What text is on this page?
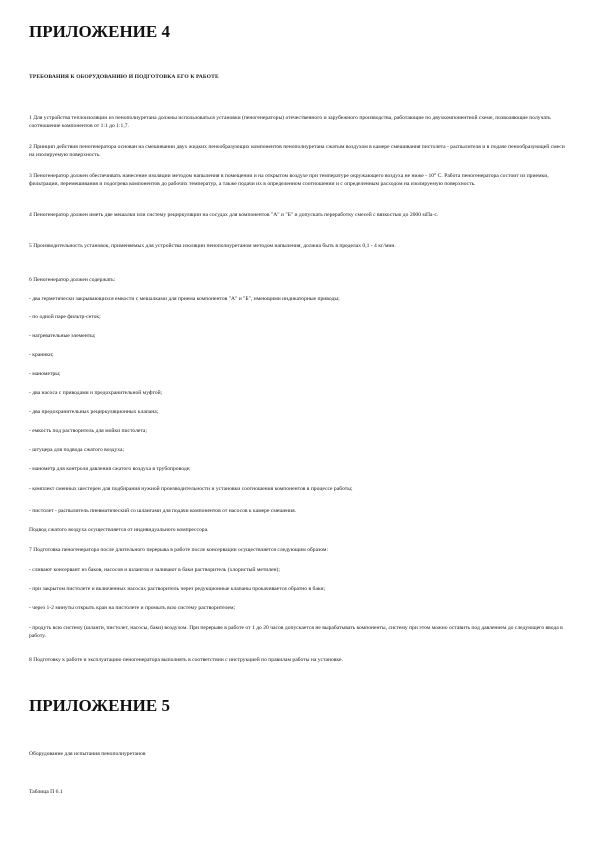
ПРИЛОЖЕНИЕ 4
ТРЕБОВАНИЯ К ОБОРУДОВАНИЮ И ПОДГОТОВКА ЕГО К РАБОТЕ
1 Для устройства теплоизоляции из пенополиуретана должны использоваться установки (пеногенераторы) отечественного и зарубежного производства, работающие по двухкомпонентной схеме, позволяющие получать соотношение компонентов от 1:1 до 1:1,7.
2 Принцип действия пеногенератора основан на смешивании двух жидких пенообразующих компонентов пенополиуретана сжатым воздухом в камере смешивания пистолета - распылителя и в подаче пенообразующей смеси на изолируемую поверхность.
3 Пеногенератор должен обеспечивать нанесение изоляции методом напыления в помещении и на открытом воздухе при температуре окружающего воздуха не ниже - 10° С. Работа пеногенератора состоит из приемки, фильтрации, перемешивания и подогрева компонентов до рабочих температур, а также подачи их в определенном соотношении и с определенным расходом на изолируемую поверхность.
4 Пеногенератор должен иметь две мешалки или систему рециркуляции на сосудах для компонентов "А" и "Б" и допускать переработку смесей с вязкостью до 2000 мПа·с.
5 Производительность установок, применяемых для устройства изоляции пенополиуретаном методом напыления, должна быть в пределах 0,1 - 4 кг/мин.
6 Пеногенератор должен содержать:
- два герметически закрывающихся емкости с мешалками для приема компонентов "А" и "Б", имеющими индикаторные приводы;
- по одной паре фильтр-сеток;
- нагревательные элементы;
- краники;
- манометры;
- два насоса с приводами и предохранительной муфтой;
- два предохранительных рециркуляционных клапана;
- емкость под растворитель для мойки пистолета;
- штуцера для подвода сжатого воздуха;
- манометр для контроля давления сжатого воздуха в трубопроводе;
- комплект сменных шестерен для подбирания нужной производительности и установки соотношения компонентов в процессе работы;
- пистолет - распылитель пневматический со шлангами для подачи компонентов от насосов к камере смешения.
Подвод сжатого воздуха осуществляется от индивидуального компрессора.
7 Подготовка пеногенератора после длительного перерыва в работе после консервации осуществляется следующим образом:
- сливают консервант из баков, насосов и шлангов и заливают в баки растворитель (хлористый метилен);
- при закрытом пистолете и включенных насосах растворитель через редукционные клапаны прокачивается обратно в баки;
- через 1-2 минуты открыть кран на пистолете и промыть всю систему растворителем;
- продуть всю систему (шланги, пистолет, насосы, баки) воздухом. При перерыве в работе от 1 до 20 часов допускается не вырабатывать компоненты, систему при этом можно оставить под давлением до следующего ввода в работу.
8 Подготовку к работе и эксплуатацию пеногенератора выполнять в соответствии с инструкцией по правилам работы на установке.
ПРИЛОЖЕНИЕ 5
Оборудование для испытания пенополиуретанов
Таблица П 6.1
